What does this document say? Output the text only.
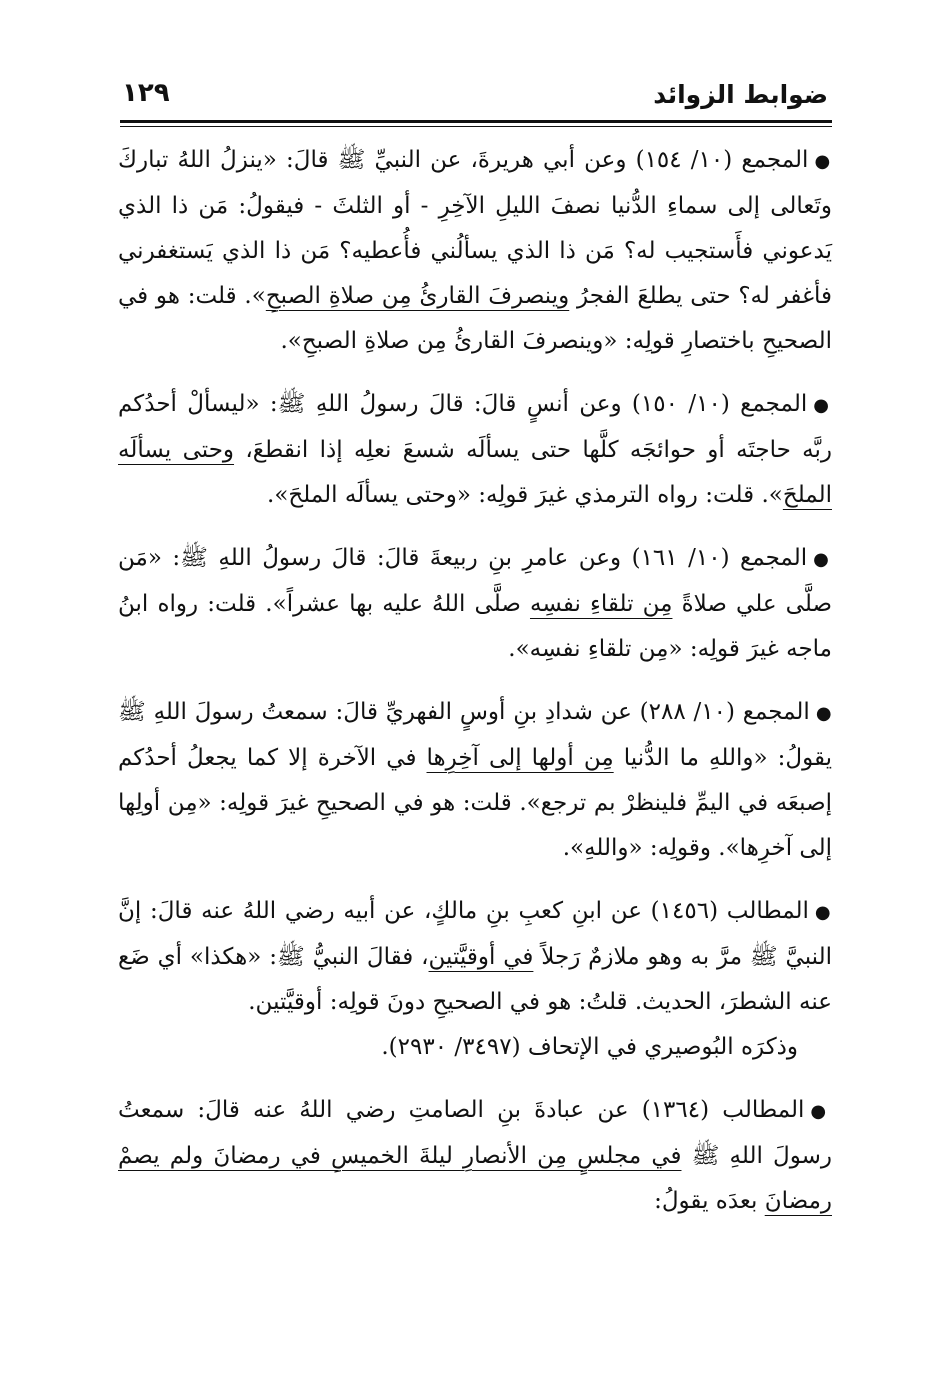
ضوابط الزوائد
١٢٩

●المجمع (١٠/ ١٥٤) وعن أبي هريرةَ، عن النبيِّ ﷺ قالَ: «ينزلُ اللهُ تباركَ وتَعالى إلى سماءِ الدُّنيا نصفَ الليلِ الآخِرِ - أو الثلثَ - فيقولُ: مَن ذا الذي يَدعوني فأَستجيب له؟ مَن ذا الذي يسألُني فأُعطيه؟ مَن ذا الذي يَستغفرني فأغفر له؟ حتى يطلعَ الفجرُ وينصرفَ القارئُ مِن صلاةِ الصبحِ». قلت: هو في الصحيحِ باختصارِ قولِه: «وينصرفَ القارئُ مِن صلاةِ الصبحِ».

●المجمع (١٠/ ١٥٠) وعن أنسٍ قالَ: قالَ رسولُ اللهِ ﷺ: «ليسألْ أحدُكم ربَّه حاجتَه أو حوائجَه كلَّها حتى يسألَه شسعَ نعلِه إذا انقطعَ، وحتى يسألَه الملحَ». قلت: رواه الترمذي غيرَ قولِه: «وحتى يسألَه الملحَ».

●المجمع (١٠/ ١٦١) وعن عامرِ بنِ ربيعةَ قالَ: قالَ رسولُ اللهِ ﷺ: «مَن صلَّى علي صلاةً مِن تلقاءِ نفسِه صلَّى اللهُ عليه بها عشراً». قلت: رواه ابنُ ماجه غيرَ قولِه: «مِن تلقاءِ نفسِه».

●المجمع (١٠/ ٢٨٨) عن شدادِ بنِ أوسٍ الفهريِّ قالَ: سمعتُ رسولَ اللهِ ﷺ يقولُ: «واللهِ ما الدُّنيا مِن أولها إلى آخِرِها في الآخرة إلا كما يجعلُ أحدُكم إصبعَه في اليمِّ فلينظرْ بم ترجع». قلت: هو في الصحيحِ غيرَ قولِه: «مِن أولِها إلى آخرِها». وقولِه: «واللهِ».

●المطالب (١٤٥٦) عن ابنِ كعبِ بنِ مالكٍ، عن أبيه رضي اللهُ عنه قالَ: إنَّ النبيَّ ﷺ مرَّ به وهو ملازمٌ رَجلاً في أوقيَّتين، فقالَ النبيُّ ﷺ: «هكذا» أي ضَع عنه الشطرَ، الحديث. قلتُ: هو في الصحيحِ دونَ قولِه: أوقيَّتين.

وذكرَه البُوصيري في الإتحاف (٣٤٩٧/ ٢٩٣٠).

●المطالب (١٣٦٤) عن عبادةَ بنِ الصامتِ رضي اللهُ عنه قالَ: سمعتُ رسولَ اللهِ ﷺ في مجلسٍ مِن الأنصارِ ليلةَ الخميسِ في رمضانَ ولم يصمْ رمضانَ بعدَه يقولُ:
